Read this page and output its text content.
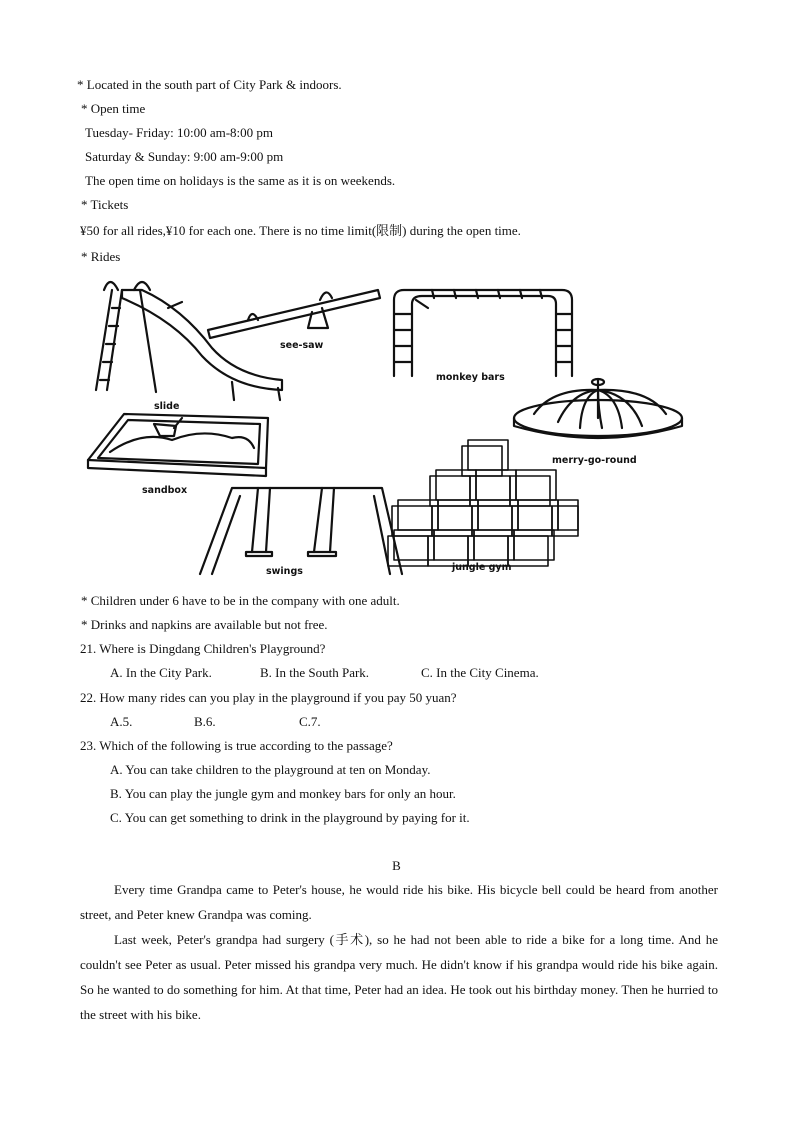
* Located in the south part of City Park & indoors.
* Open time
Tuesday- Friday: 10:00 am-8:00 pm
Saturday & Sunday: 9:00 am-9:00 pm
The open time on holidays is the same as it is on weekends.
* Tickets
¥50 for all rides,¥10 for each one. There is no time limit(限制) during the open time.
* Rides
slide
see-saw
monkey bars
merry-go-round
sandbox
swings	jungle gym
* Children under 6 have to be in the company with one adult.
* Drinks and napkins are available but not free.
21. Where is Dingdang Children's Playground?
A. In the City Park.	B. In the South Park.	C. In the City Cinema.
22. How many rides can you play in the playground if you pay 50 yuan?
A.5.	B.6.	C.7.
23. Which of the following is true according to the passage?
A. You can take children to the playground at ten on Monday.
B. You can play the jungle gym and monkey bars for only an hour.
C. You can get something to drink in the playground by paying for it.
B
Every time Grandpa came to Peter's house, he would ride his bike. His bicycle bell could be heard from another street, and Peter knew Grandpa was coming.
Last week, Peter's grandpa had surgery (手术), so he had not been able to ride a bike for a long time. And he couldn't see Peter as usual. Peter missed his grandpa very much. He didn't know if his grandpa would ride his bike again. So he wanted to do something for him. At that time, Peter had an idea. He took out his birthday money. Then he hurried to the street with his bike.
